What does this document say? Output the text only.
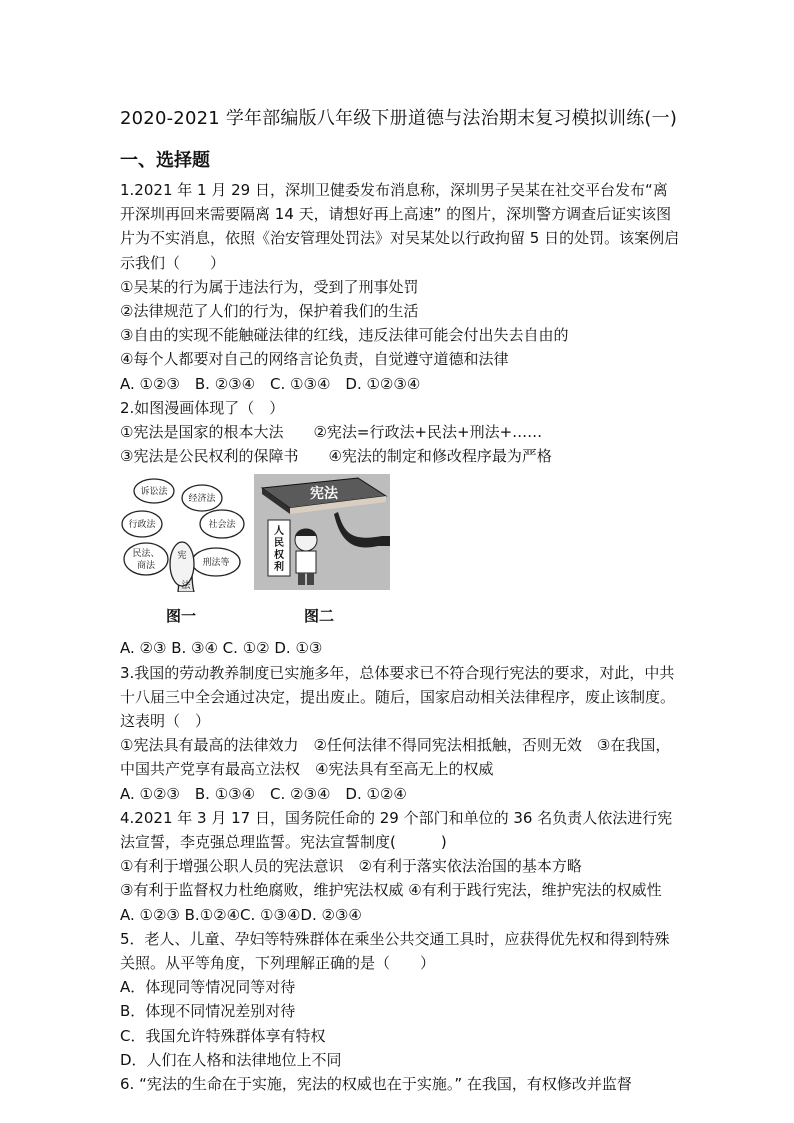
2020-2021 学年部编版八年级下册道德与法治期末复习模拟训练(一)
一、选择题

1.2021 年 1 月 29 日，深圳卫健委发布消息称，深圳男子吴某在社交平台发布“离开深圳再回来需要隔离 14 天，请想好再上高速” 的图片，深圳警方调查后证实该图片为不实消息，依照《治安管理处罚法》对吴某处以行政拘留 5 日的处罚。该案例启示我们（　　）

①吴某的行为属于违法行为，受到了刑事处罚

②法律规范了人们的行为，保护着我们的生活

③自由的实现不能触碰法律的红线，违反法律可能会付出失去自由的

④每个人都要对自己的网络言论负责，自觉遵守道德和法律

A. ①②③　B. ②③④　C. ①③④　D. ①②③④

2.如图漫画体现了（　）

①宪法是国家的根本大法　　②宪法=行政法+民法+刑法+……

③宪法是公民权利的保障书　　④宪法的制定和修改程序最为严格

诉讼法
经济法
行政法	社会法
民法、
商法	刑法等
宪
法
宪法
人民权利
图一	图二

A. ②③ B. ③④ C. ①② D. ①③

3.我国的劳动教养制度已实施多年，总体要求已不符合现行宪法的要求，对此，中共十八届三中全会通过决定，提出废止。随后，国家启动相关法律程序，废止该制度。这表明（　）

①宪法具有最高的法律效力　②任何法律不得同宪法相抵触，否则无效　③在我国，中国共产党享有最高立法权　④宪法具有至高无上的权威

A. ①②③　B. ①③④　C. ②③④　D. ①②④

4.2021 年 3 月 17 日，国务院任命的 29 个部门和单位的 36 名负责人依法进行宪法宣誓，李克强总理监誓。宪法宣誓制度(　　　)

①有利于增强公职人员的宪法意识　②有利于落实依法治国的基本方略

③有利于监督权力杜绝腐败，维护宪法权威 ④有利于践行宪法，维护宪法的权威性

A. ①②③ B.①②④C. ①③④D. ②③④

5．老人、儿童、孕妇等特殊群体在乘坐公共交通工具时，应获得优先权和得到特殊关照。从平等角度，下列理解正确的是（　　）

A．体现同等情况同等对待

B．体现不同情况差别对待

C．我国允许特殊群体享有特权

D．人们在人格和法律地位上不同

6. “宪法的生命在于实施，宪法的权威也在于实施。” 在我国，有权修改并监督
